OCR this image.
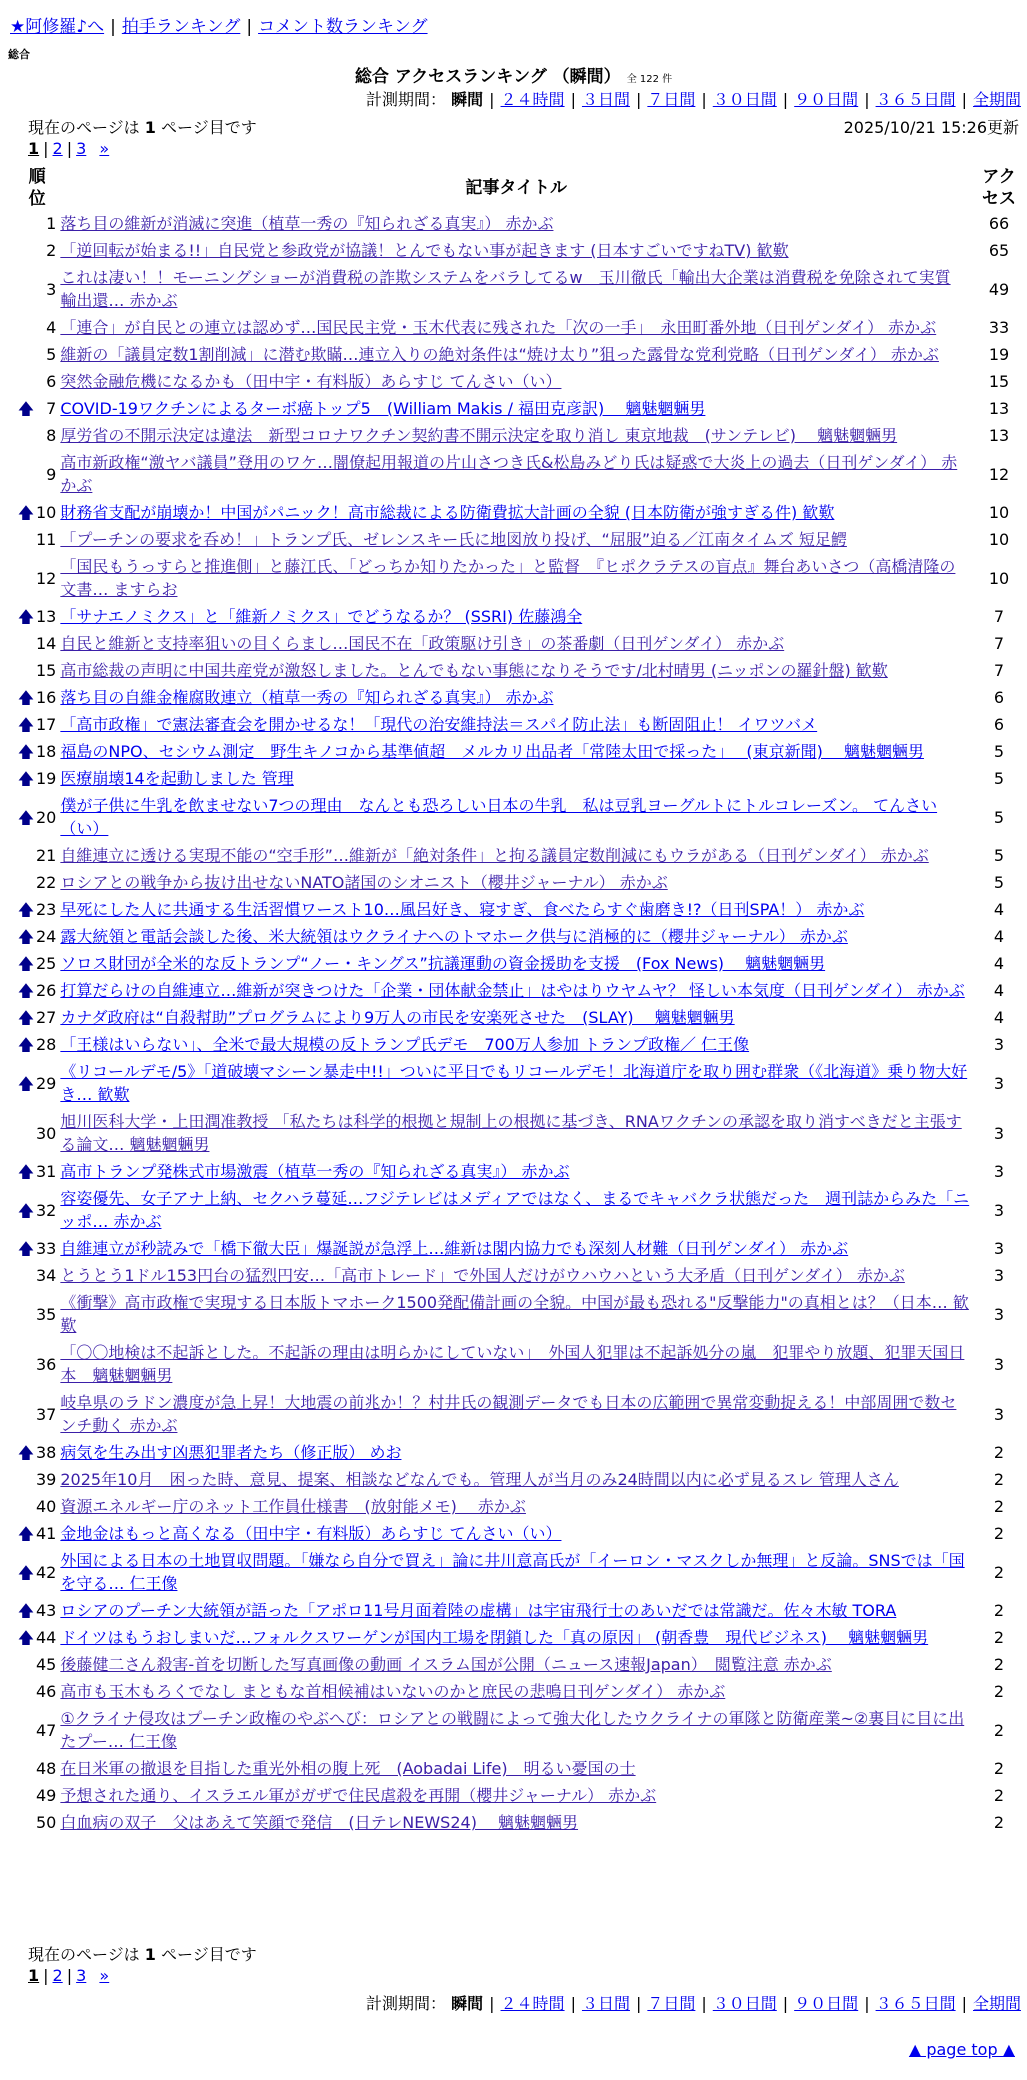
★阿修羅♪へ | 拍手ランキング | コメント数ランキング
総合
総合 アクセスランキング （瞬間） 全 122 件
計測期間： 瞬間 | ２４時間 | ３日間 | ７日間 | ３０日間 | ９０日間 | ３６５日間 | 全期間
現在のページは 1 ページ目です	2025/10/21 15:26更新
1 | 2 | 3 »
順
位		記事タイトル	アク
セス
	1	落ち目の維新が消滅に突進（植草一秀の『知られざる真実』） 赤かぶ	66
	2	「逆回転が始まる!!」自民党と参政党が協議！とんでもない事が起きます (日本すごいですねTV) 歓歎	65
	3	これは凄い！！モーニングショーが消費税の詐欺システムをバラしてるw　玉川徹氏「輸出大企業は消費税を免除されて実質 輸出還… 赤かぶ	49
	4	「連合」が自民との連立は認めず…国民民主党・玉木代表に残された「次の一手」　永田町番外地（日刊ゲンダイ） 赤かぶ	33
	5	維新の「議員定数1割削減」に潜む欺瞞…連立入りの絶対条件は“焼け太り”狙った露骨な党利党略（日刊ゲンダイ） 赤かぶ	19
	6	突然金融危機になるかも（田中宇・有料版）あらすじ てんさい（い）	15
🡅	7	COVID-19ワクチンによるターボ癌トップ5　(William Makis / 福田克彦訳)　 魑魅魍魎男	13
	8	厚労省の不開示決定は違法　新型コロナワクチン契約書不開示決定を取り消し 東京地裁　(サンテレビ)　 魑魅魍魎男	13
	9	高市新政権“激ヤバ議員”登用のワケ…闇僚起用報道の片山さつき氏&松島みどり氏は疑惑で大炎上の過去（日刊ゲンダイ） 赤かぶ	12
🡅	10	財務省支配が崩壊か！中国がパニック！高市総裁による防衛費拡大計画の全貌 (日本防衛が強すぎる件) 歓歎	10
	11	「プーチンの要求を呑め！」トランプ氏、ゼレンスキー氏に地図放り投げ、“屈服”迫る／江南タイムズ 短足鰐	10
	12	「国民もうっすらと推進側」と藤江氏、「どっちか知りたかった」と監督　『ヒポクラテスの盲点』舞台あいさつ（高橋清隆の文書… ますらお	10
🡅	13	「サナエノミクス」と「維新ノミクス」でどうなるか？ (SSRI) 佐藤鴻全	7
	14	自民と維新と支持率狙いの目くらまし…国民不在「政策駆け引き」の茶番劇（日刊ゲンダイ） 赤かぶ	7
	15	高市総裁の声明に中国共産党が激怒しました。とんでもない事態になりそうです/北村晴男 (ニッポンの羅針盤) 歓歎	7
🡅	16	落ち目の自維金権腐敗連立（植草一秀の『知られざる真実』） 赤かぶ	6
🡅	17	「高市政権」で憲法審査会を開かせるな！「現代の治安維持法＝スパイ防止法」も断固阻止！ イワツバメ	6
🡅	18	福島のNPO、セシウム測定　野生キノコから基準値超　メルカリ出品者「常陸太田で採った」　 (東京新聞)　 魑魅魍魎男	5
🡅	19	医療崩壊14を起動しました 管理	5
🡅	20	僕が子供に牛乳を飲ませない7つの理由　なんとも恐ろしい日本の牛乳　私は豆乳ヨーグルトにトルコレーズン。 てんさい（い）	5
	21	自維連立に透ける実現不能の“空手形”…維新が「絶対条件」と拘る議員定数削減にもウラがある（日刊ゲンダイ） 赤かぶ	5
	22	ロシアとの戦争から抜け出せないNATO諸国のシオニスト（櫻井ジャーナル） 赤かぶ	5
🡅	23	早死にした人に共通する生活習慣ワースト10…風呂好き、寝すぎ、食べたらすぐ歯磨き!?（日刊SPA！） 赤かぶ	4
🡅	24	露大統領と電話会談した後、米大統領はウクライナへのトマホーク供与に消極的に（櫻井ジャーナル） 赤かぶ	4
🡅	25	ソロス財団が全米的な反トランプ“ノー・キングス”抗議運動の資金援助を支援　(Fox News)　 魑魅魍魎男	4
🡅	26	打算だらけの自維連立…維新が突きつけた「企業・団体献金禁止」はやはりウヤムヤ？ 怪しい本気度（日刊ゲンダイ） 赤かぶ	4
🡅	27	カナダ政府は“自殺幇助”プログラムにより9万人の市民を安楽死させた　(SLAY)　 魑魅魍魎男	4
🡅	28	「王様はいらない」、全米で最大規模の反トランプ氏デモ　700万人参加 トランプ政権／ 仁王像	3
🡅	29	《リコールデモ/5》「道破壊マシーン暴走中!!」ついに平日でもリコールデモ！北海道庁を取り囲む群衆（《北海道》乗り物大好き… 歓歎	3
	30	旭川医科大学・上田潤准教授 「私たちは科学的根拠と規制上の根拠に基づき、RNAワクチンの承認を取り消すべきだと主張する論文… 魑魅魍魎男	3
🡅	31	高市トランプ発株式市場激震（植草一秀の『知られざる真実』） 赤かぶ	3
🡅	32	容姿優先、女子アナ上納、セクハラ蔓延…フジテレビはメディアではなく、まるでキャバクラ状態だった　週刊誌からみた「ニッポ… 赤かぶ	3
🡅	33	自維連立が秒読みで「橋下徹大臣」爆誕説が急浮上…維新は閣内協力でも深刻人材難（日刊ゲンダイ） 赤かぶ	3
	34	とうとう1ドル153円台の猛烈円安…「高市トレード」で外国人だけがウハウハという大矛盾（日刊ゲンダイ） 赤かぶ	3
	35	《衝撃》高市政権で実現する日本版トマホーク1500発配備計画の全貌。中国が最も恐れる"反撃能力"の真相とは？（日本… 歓歎	3
	36	「〇〇地検は不起訴とした。不起訴の理由は明らかにしていない」　外国人犯罪は不起訴処分の嵐　犯罪やり放題、犯罪天国日本　魑魅魍魎男	3
	37	岐阜県のラドン濃度が急上昇！大地震の前兆か！？村井氏の観測データでも日本の広範囲で異常変動捉える！中部周囲で数センチ動く 赤かぶ	3
🡅	38	病気を生み出す凶悪犯罪者たち（修正版） めお	2
	39	2025年10月　困った時、意見、提案、相談などなんでも。管理人が当月のみ24時間以内に必ず見るスレ 管理人さん	2
	40	資源エネルギー庁のネット工作員仕様書　(放射能メモ)　 赤かぶ	2
🡅	41	金地金はもっと高くなる（田中宇・有料版）あらすじ てんさい（い）	2
🡅	42	外国による日本の土地買収問題。「嫌なら自分で買え」論に井川意高氏が「イーロン・マスクしか無理」と反論。SNSでは「国を守る… 仁王像	2
🡅	43	ロシアのプーチン大統領が語った「アポロ11号月面着陸の虚構」は宇宙飛行士のあいだでは常識だ。佐々木敏 TORA	2
🡅	44	ドイツはもうおしまいだ…フォルクスワーゲンが国内工場を閉鎖した「真の原因」 (朝香豊　現代ビジネス)　 魑魅魍魎男	2
	45	後藤健二さん殺害-首を切断した写真画像の動画 イスラム国が公開（ニュース速報Japan）　閲覧注意 赤かぶ	2
	46	高市も玉木もろくでなし まともな首相候補はいないのかと庶民の悲鳴日刊ゲンダイ） 赤かぶ	2
	47	①クライナ侵攻はプーチン政権のやぶへび：ロシアとの戦闘によって強大化したウクライナの軍隊と防衛産業~②裏目に目に出たプー… 仁王像	2
	48	在日米軍の撤退を目指した重光外相の腹上死　(Aobadai Life)　明るい憂国の士	2
	49	予想された通り、イスラエル軍がガザで住民虐殺を再開（櫻井ジャーナル） 赤かぶ	2
	50	白血病の双子　父はあえて笑顔で発信　(日テレNEWS24)　 魑魅魍魎男	2
現在のページは 1 ページ目です
1 | 2 | 3 »
計測期間： 瞬間 | ２４時間 | ３日間 | ７日間 | ３０日間 | ９０日間 | ３６５日間 | 全期間
▲ page top ▲
